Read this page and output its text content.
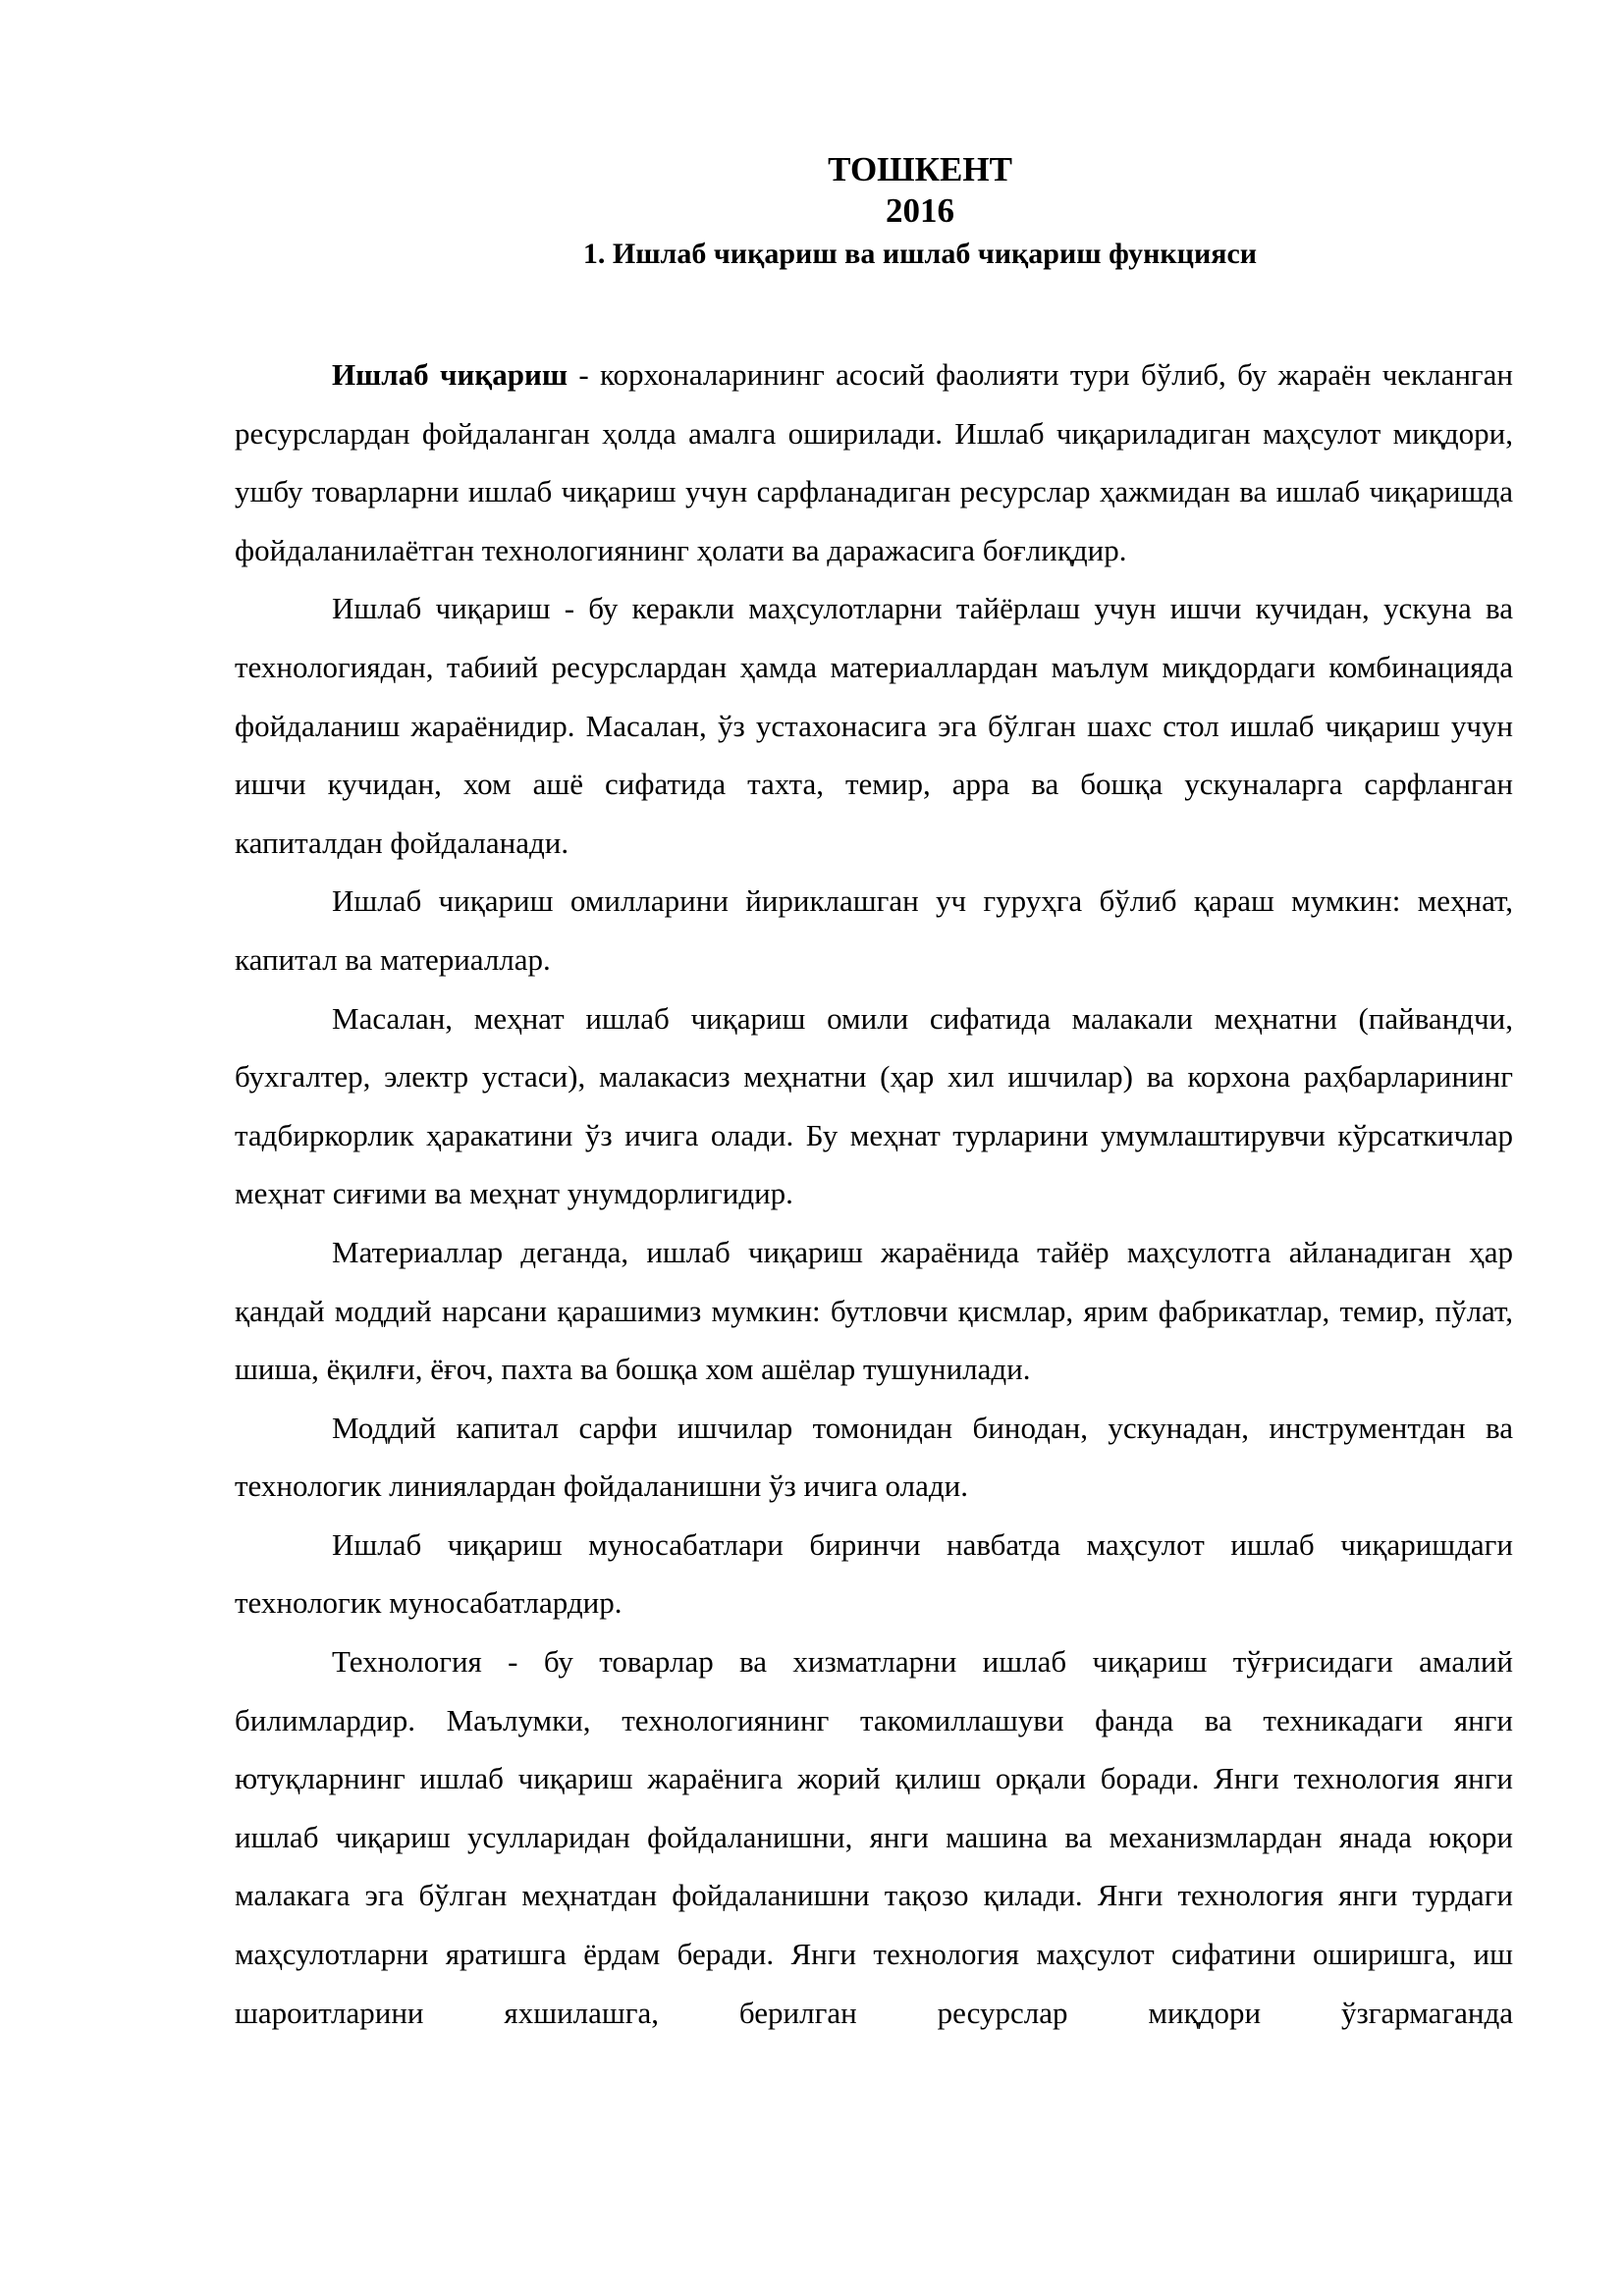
ТОШКЕНТ
2016
1. Ишлаб чиқариш ва ишлаб чиқариш функцияси

Ишлаб чиқариш - корхоналарининг асосий фаолияти тури бўлиб, бу жараён чекланган ресурслардан фойдаланган ҳолда амалга оширилади. Ишлаб чиқариладиган маҳсулот миқдори, ушбу товарларни ишлаб чиқариш учун сарфланадиган ресурслар ҳажмидан ва ишлаб чиқаришда фойдаланилаётган технологиянинг ҳолати ва даражасига боғлиқдир.

Ишлаб чиқариш - бу керакли маҳсулотларни тайёрлаш учун ишчи кучидан, ускуна ва технологиядан, табиий ресурслардан ҳамда материаллардан маълум миқдордаги комбинацияда фойдаланиш жараёнидир. Масалан, ўз устахонасига эга бўлган шахс стол ишлаб чиқариш учун ишчи кучидан, хом ашё сифатида тахта, темир, арра ва бошқа ускуналарга сарфланган капиталдан фойдаланади.

Ишлаб чиқариш омилларини йириклашган уч гуруҳга бўлиб қараш мумкин: меҳнат, капитал ва материаллар.

Масалан, меҳнат ишлаб чиқариш омили сифатида малакали меҳнатни (пайвандчи, бухгалтер, электр устаси), малакасиз меҳнатни (ҳар хил ишчилар) ва корхона раҳбарларининг тадбиркорлик ҳаракатини ўз ичига олади. Бу меҳнат турларини умумлаштирувчи кўрсаткичлар меҳнат сиғими ва меҳнат унумдорлигидир.

Материаллар деганда, ишлаб чиқариш жараёнида тайёр маҳсулотга айланадиган ҳар қандай моддий нарсани қарашимиз мумкин: бутловчи қисмлар, ярим фабрикатлар, темир, пўлат, шиша, ёқилғи, ёғоч, пахта ва бошқа хом ашёлар тушунилади.

Моддий капитал сарфи ишчилар томонидан бинодан, ускунадан, инструментдан ва технологик линиялардан фойдаланишни ўз ичига олади.

Ишлаб чиқариш муносабатлари биринчи навбатда маҳсулот ишлаб чиқаришдаги технологик муносабатлардир.

Технология - бу товарлар ва хизматларни ишлаб чиқариш тўғрисидаги амалий билимлардир. Маълумки, технологиянинг такомиллашуви фанда ва техникадаги янги ютуқларнинг ишлаб чиқариш жараёнига жорий қилиш орқали боради. Янги технология янги ишлаб чиқариш усулларидан фойдаланишни, янги машина ва механизмлардан янада юқори малакага эга бўлган меҳнатдан фойдаланишни тақозо қилади. Янги технология янги турдаги маҳсулотларни яратишга ёрдам беради. Янги технология маҳсулот сифатини оширишга, иш шароитларини яхшилашга, берилган ресурслар миқдори ўзгармаганда
